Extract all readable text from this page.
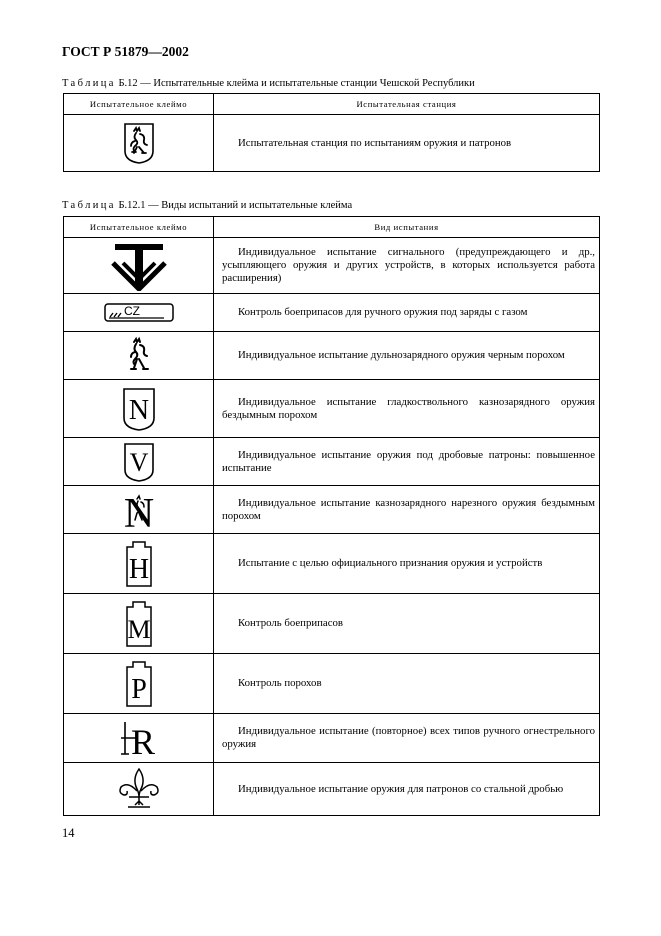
ГОСТ Р 51879—2002
Таблица Б.12 — Испытательные клейма и испытательные станции Чешской Республики
Испытательное клеймо	Испытательная станция

	Испытательная станция по испытаниям оружия и патронов
Таблица Б.12.1 — Виды испытаний и испытательные клейма
Испытательное клеймо	Вид испытания

	Индивидуальное испытание сигнального (предупреждающего и др., усыпляющего оружия и других устройств, в которых используется работа расширения)

CZ	Контроль боеприпасов для ручного оружия под заряды с газом

	Индивидуальное испытание дульнозарядного оружия черным порохом

N	Индивидуальное испытание гладкоствольного казнозарядного оружия бездымным порохом

V	Индивидуальное испытание оружия под дробовые патроны: повышенное испытание

N	Индивидуальное испытание казнозарядного нарезного оружия бездымным порохом

H	Испытание с целью официального признания оружия и устройств

M	Контроль боеприпасов

P	Контроль порохов

R	Индивидуальное испытание (повторное) всех типов ручного огнестрельного оружия

	Индивидуальное испытание оружия для патронов со стальной дробью
14
